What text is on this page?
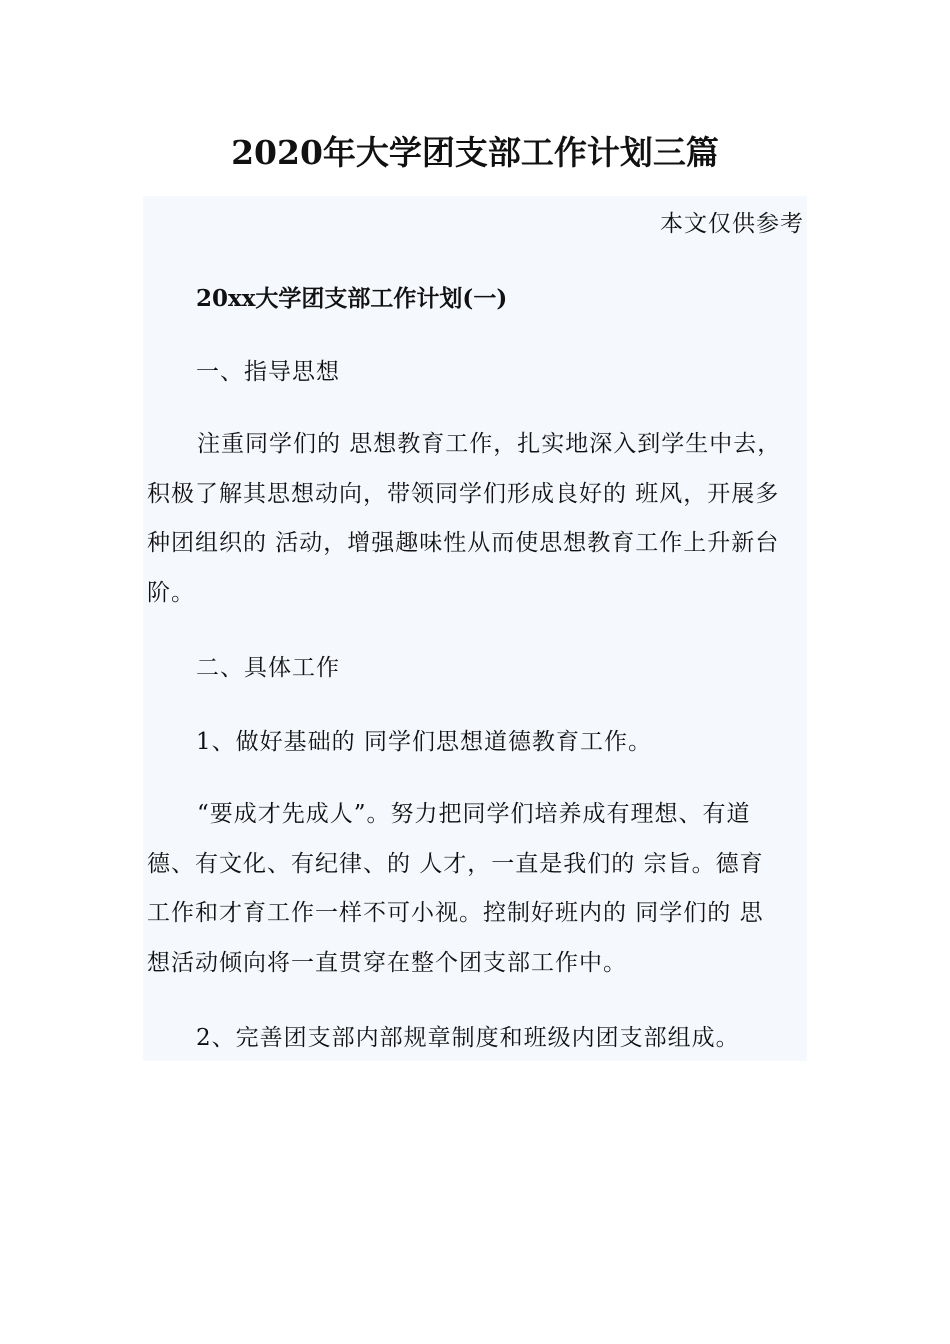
2020年大学团支部工作计划三篇
本文仅供参考
20xx大学团支部工作计划(一)
一、指导思想
注重同学们的 思想教育工作，扎实地深入到学生中去，积极了解其思想动向，带领同学们形成良好的 班风，开展多种团组织的 活动，增强趣味性从而使思想教育工作上升新台阶。
二、具体工作
1、做好基础的 同学们思想道德教育工作。
“要成才先成人”。努力把同学们培养成有理想、有道德、有文化、有纪律、的 人才，一直是我们的 宗旨。德育工作和才育工作一样不可小视。控制好班内的 同学们的 思想活动倾向将一直贯穿在整个团支部工作中。
2、完善团支部内部规章制度和班级内团支部组成。
